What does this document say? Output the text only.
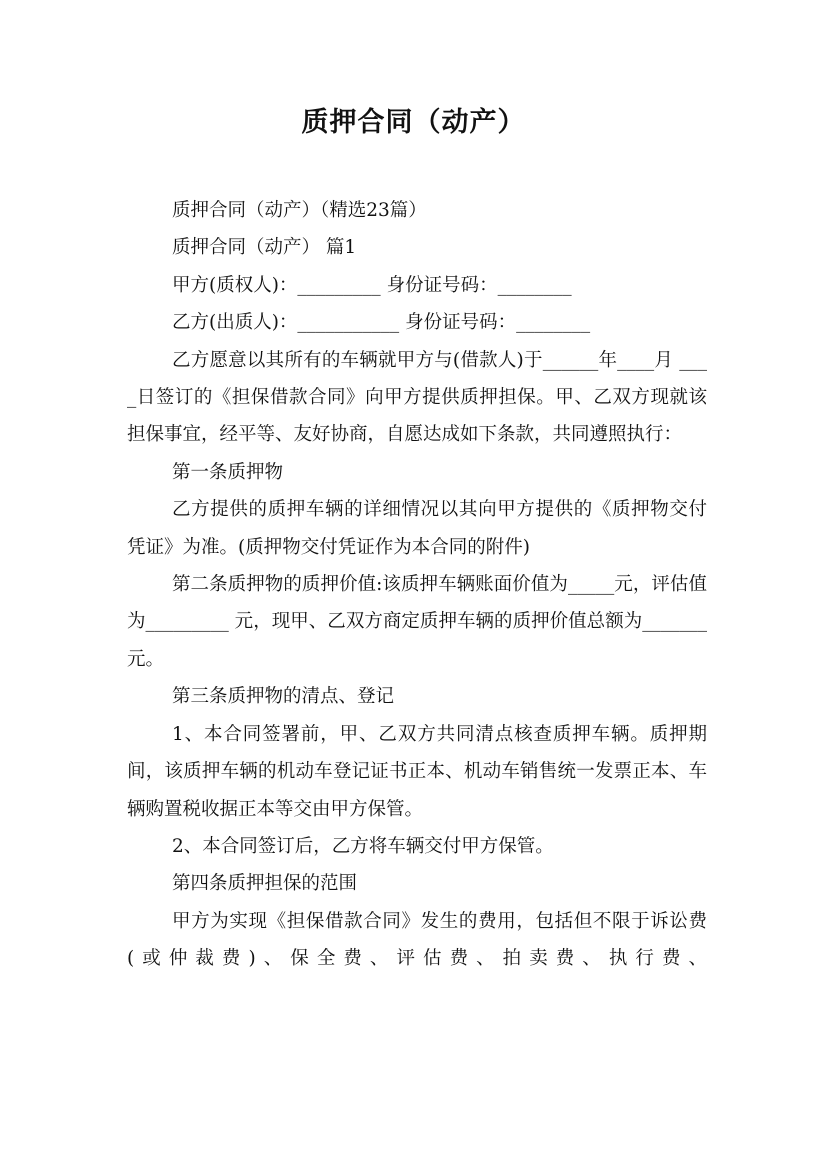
质押合同（动产）

质押合同（动产）（精选23篇）

质押合同（动产） 篇1

甲方(质权人)：_________ 身份证号码：________

乙方(出质人)：___________ 身份证号码：________

乙方愿意以其所有的车辆就甲方与(借款人)于______年____月 ____日签订的《担保借款合同》向甲方提供质押担保。甲、乙双方现就该担保事宜，经平等、友好协商，自愿达成如下条款，共同遵照执行：

第一条质押物

乙方提供的质押车辆的详细情况以其向甲方提供的《质押物交付凭证》为准。(质押物交付凭证作为本合同的附件)

第二条质押物的质押价值:该质押车辆账面价值为_____元，评估值为_________ 元，现甲、乙双方商定质押车辆的质押价值总额为_______元。

第三条质押物的清点、登记

1、本合同签署前，甲、乙双方共同清点核查质押车辆。质押期间，该质押车辆的机动车登记证书正本、机动车销售统一发票正本、车辆购置税收据正本等交由甲方保管。

2、本合同签订后，乙方将车辆交付甲方保管。

第四条质押担保的范围

甲方为实现《担保借款合同》发生的费用，包括但不限于诉讼费(或仲裁费)、保全费、评估费、拍卖费、执行费、
